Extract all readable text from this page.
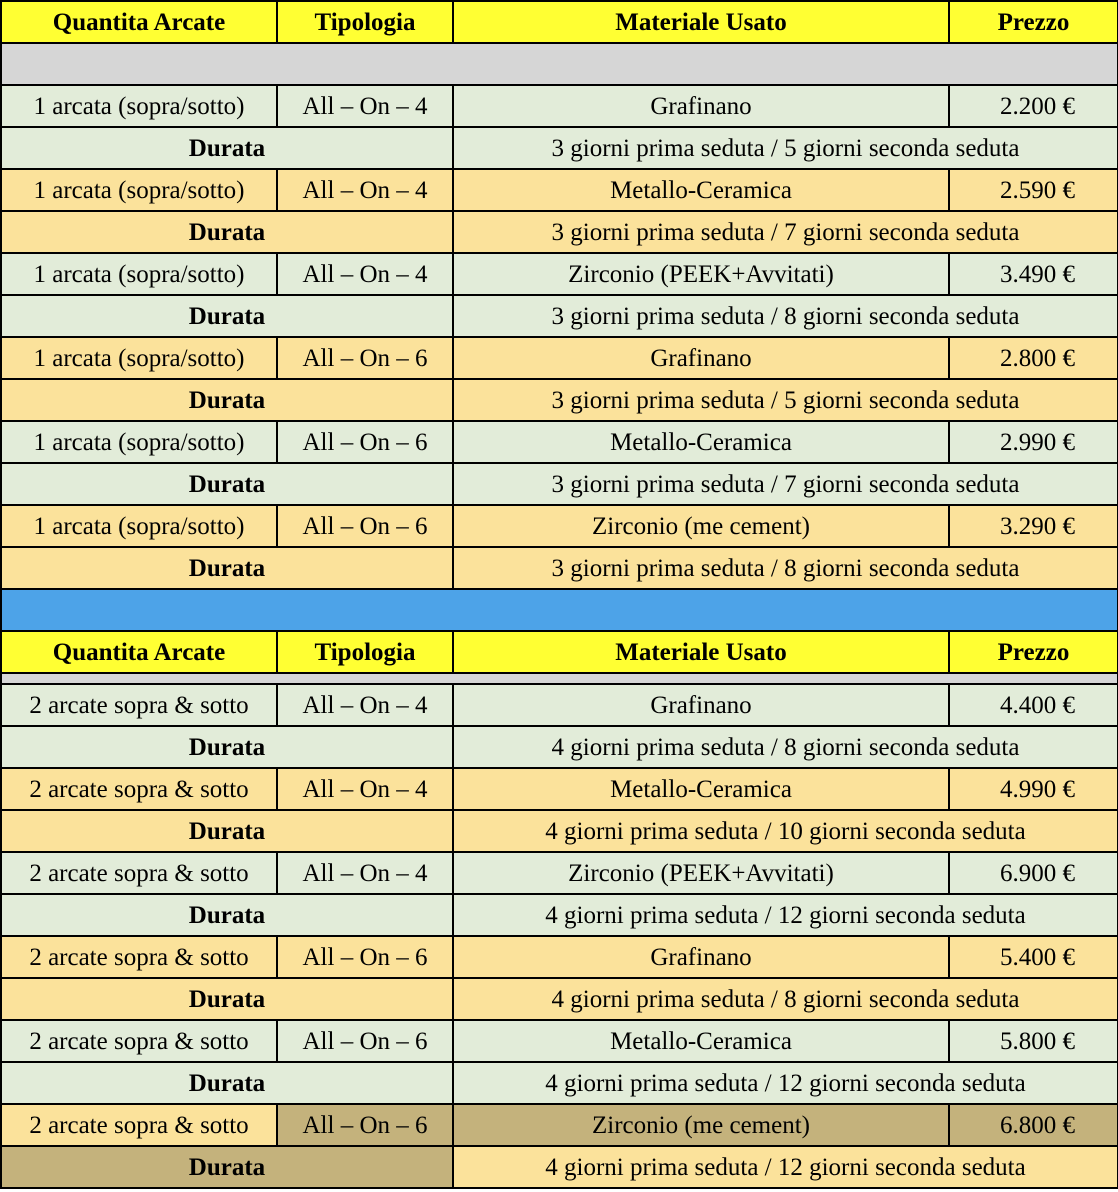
Quantita Arcate	Tipologia	Materiale Usato	Prezzo

1 arcata (sopra/sotto)	All – On – 4	Grafinano	2.200 €
Durata		3 giorni prima seduta / 5 giorni seconda seduta	
1 arcata (sopra/sotto)	All – On – 4	Metallo-Ceramica	2.590 €
Durata		3 giorni prima seduta / 7 giorni seconda seduta	
1 arcata (sopra/sotto)	All – On – 4	Zirconio (PEEK+Avvitati)	3.490 €
Durata		3 giorni prima seduta / 8 giorni seconda seduta	
1 arcata (sopra/sotto)	All – On – 6	Grafinano	2.800 €
Durata		3 giorni prima seduta / 5 giorni seconda seduta	
1 arcata (sopra/sotto)	All – On – 6	Metallo-Ceramica	2.990 €
Durata		3 giorni prima seduta / 7 giorni seconda seduta	
1 arcata (sopra/sotto)	All – On – 6	Zirconio (me cement)	3.290 €
Durata		3 giorni prima seduta / 8 giorni seconda seduta	

Quantita Arcate	Tipologia	Materiale Usato	Prezzo

2 arcate sopra & sotto	All – On – 4	Grafinano	4.400 €
Durata		4 giorni prima seduta / 8 giorni seconda seduta	
2 arcate sopra & sotto	All – On – 4	Metallo-Ceramica	4.990 €
Durata		4 giorni prima seduta / 10 giorni seconda seduta	
2 arcate sopra & sotto	All – On – 4	Zirconio (PEEK+Avvitati)	6.900 €
Durata		4 giorni prima seduta / 12 giorni seconda seduta	
2 arcate sopra & sotto	All – On – 6	Grafinano	5.400 €
Durata		4 giorni prima seduta / 8 giorni seconda seduta	
2 arcate sopra & sotto	All – On – 6	Metallo-Ceramica	5.800 €
Durata		4 giorni prima seduta / 12 giorni seconda seduta	
2 arcate sopra & sotto	All – On – 6	Zirconio (me cement)	6.800 €
Durata		4 giorni prima seduta / 12 giorni seconda seduta	
